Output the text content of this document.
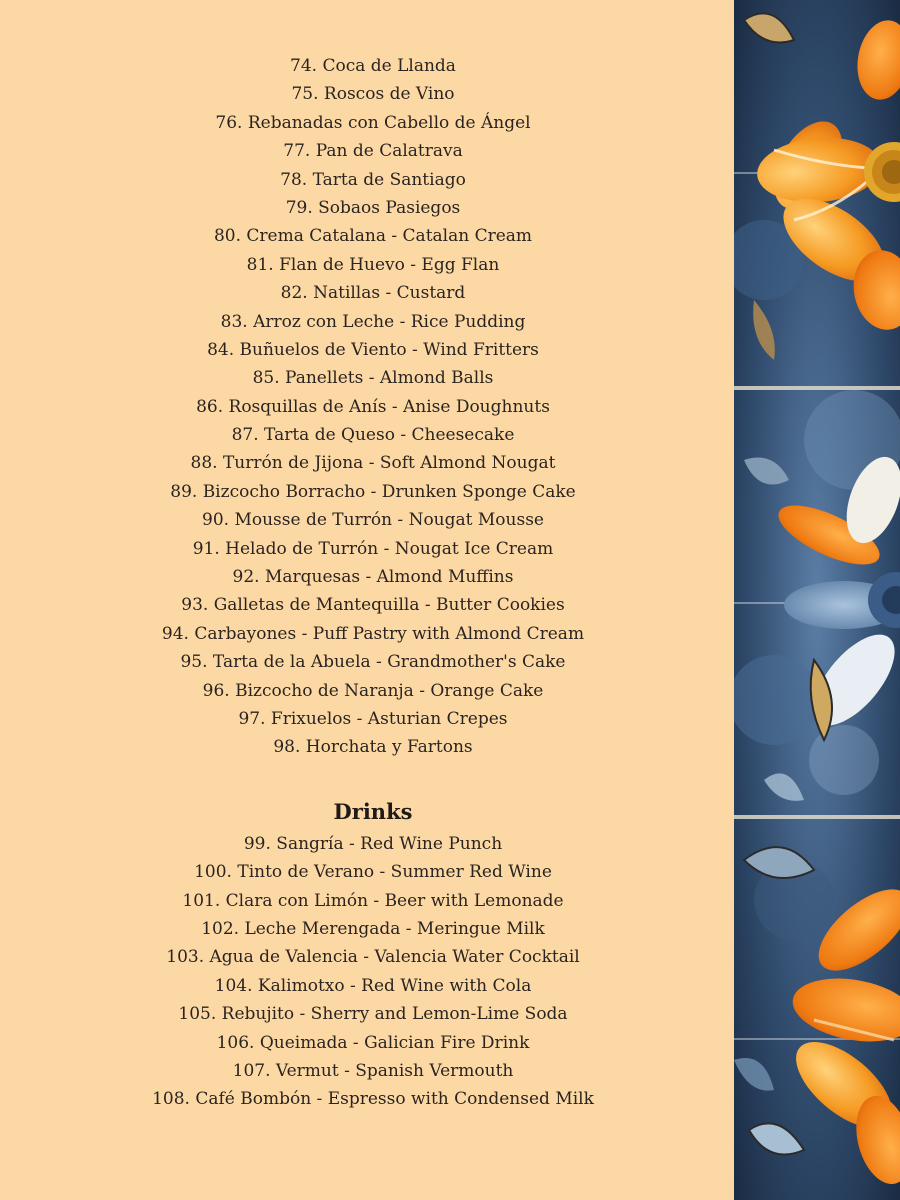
74. Coca de Llanda
75. Roscos de Vino
76. Rebanadas con Cabello de Ángel
77. Pan de Calatrava
78. Tarta de Santiago
79. Sobaos Pasiegos
80. Crema Catalana - Catalan Cream
81. Flan de Huevo - Egg Flan
82. Natillas - Custard
83. Arroz con Leche - Rice Pudding
84. Buñuelos de Viento - Wind Fritters
85. Panellets - Almond Balls
86. Rosquillas de Anís - Anise Doughnuts
87. Tarta de Queso - Cheesecake
88. Turrón de Jijona - Soft Almond Nougat
89. Bizcocho Borracho - Drunken Sponge Cake
90. Mousse de Turrón - Nougat Mousse
91. Helado de Turrón - Nougat Ice Cream
92. Marquesas - Almond Muffins
93. Galletas de Mantequilla - Butter Cookies
94. Carbayones - Puff Pastry with Almond Cream
95. Tarta de la Abuela - Grandmother's Cake
96. Bizcocho de Naranja - Orange Cake
97. Frixuelos - Asturian Crepes
98. Horchata y Fartons
Drinks
99. Sangría - Red Wine Punch
100. Tinto de Verano - Summer Red Wine
101. Clara con Limón - Beer with Lemonade
102. Leche Merengada - Meringue Milk
103. Agua de Valencia - Valencia Water Cocktail
104. Kalimotxo - Red Wine with Cola
105. Rebujito - Sherry and Lemon-Lime Soda
106. Queimada - Galician Fire Drink
107. Vermut - Spanish Vermouth
108. Café Bombón - Espresso with Condensed Milk
